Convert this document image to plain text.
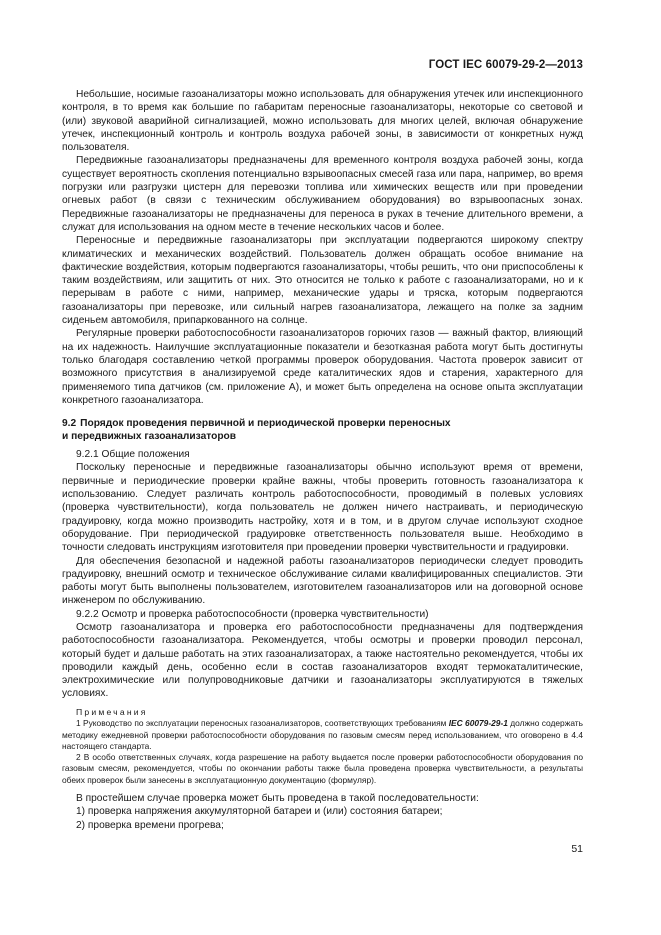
ГОСТ IEC 60079-29-2—2013

Небольшие, носимые газоанализаторы можно использовать для обнаружения утечек или инспекционного контроля, в то время как большие по габаритам переносные газоанализаторы, некоторые со световой и (или) звуковой аварийной сигнализацией, можно использовать для многих целей, включая обнаружение утечек, инспекционный контроль и контроль воздуха рабочей зоны, в зависимости от конкретных нужд пользователя.

Передвижные газоанализаторы предназначены для временного контроля воздуха рабочей зоны, когда существует вероятность скопления потенциально взрывоопасных смесей газа или пара, например, во время погрузки или разгрузки цистерн для перевозки топлива или химических веществ или при проведении огневых работ (в связи с техническим обслуживанием оборудования) во взрывоопасных зонах. Передвижные газоанализаторы не предназначены для переноса в руках в течение длительного времени, а служат для использования на одном месте в течение нескольких часов и более.

Переносные и передвижные газоанализаторы при эксплуатации подвергаются широкому спектру климатических и механических воздействий. Пользователь должен обращать особое внимание на фактические воздействия, которым подвергаются газоанализаторы, чтобы решить, что они приспособлены к таким воздействиям, или защитить от них. Это относится не только к работе с газоанализаторами, но и к перерывам в работе с ними, например, механические удары и тряска, которым подвергаются газоанализаторы при перевозке, или сильный нагрев газоанализатора, лежащего на полке за задним сиденьем автомобиля, припаркованного на солнце.

Регулярные проверки работоспособности газоанализаторов горючих газов — важный фактор, влияющий на их надежность. Наилучшие эксплуатационные показатели и безотказная работа могут быть достигнуты только благодаря составлению четкой программы проверок оборудования. Частота проверок зависит от возможного присутствия в анализируемой среде каталитических ядов и старения, характерного для применяемого типа датчиков (см. приложение А), и может быть определена на основе опыта эксплуатации конкретного газоанализатора.

9.2 Порядок проведения первичной и периодической проверки переносных
и передвижных газоанализаторов

9.2.1 Общие положения

Поскольку переносные и передвижные газоанализаторы обычно используют время от времени, первичные и периодические проверки крайне важны, чтобы проверить готовность газоанализатора к использованию. Следует различать контроль работоспособности, проводимый в полевых условиях (проверка чувствительности), когда пользователь не должен ничего настраивать, и периодическую градуировку, когда можно производить настройку, хотя и в том, и в другом случае используют сходное оборудование. При периодической градуировке ответственность пользователя выше. Необходимо в точности следовать инструкциям изготовителя при проведении проверки чувствительности и градуировки.

Для обеспечения безопасной и надежной работы газоанализаторов периодически следует проводить градуировку, внешний осмотр и техническое обслуживание силами квалифицированных специалистов. Эти работы могут быть выполнены пользователем, изготовителем газоанализаторов или на договорной основе инженером по обслуживанию.

9.2.2 Осмотр и проверка работоспособности (проверка чувствительности)

Осмотр газоанализатора и проверка его работоспособности предназначены для подтверждения работоспособности газоанализатора. Рекомендуется, чтобы осмотры и проверки проводил персонал, который будет и дальше работать на этих газоанализаторах, а также настоятельно рекомендуется, чтобы их проводили каждый день, особенно если в состав газоанализаторов входят термокаталитические, электрохимические или полупроводниковые датчики и газоанализаторы эксплуатируются в тяжелых условиях.

Примечания

1 Руководство по эксплуатации переносных газоанализаторов, соответствующих требованиям IEC 60079-29-1 должно содержать методику ежедневной проверки работоспособности оборудования по газовым смесям перед использованием, что оговорено в 4.4 настоящего стандарта.

2 В особо ответственных случаях, когда разрешение на работу выдается после проверки работоспособности оборудования по газовым смесям, рекомендуется, чтобы по окончании работы также была проведена проверка чувствительности, а результаты обеих проверок были занесены в эксплуатационную документацию (формуляр).

В простейшем случае проверка может быть проведена в такой последовательности:

1) проверка напряжения аккумуляторной батареи и (или) состояния батареи;

2) проверка времени прогрева;

51
